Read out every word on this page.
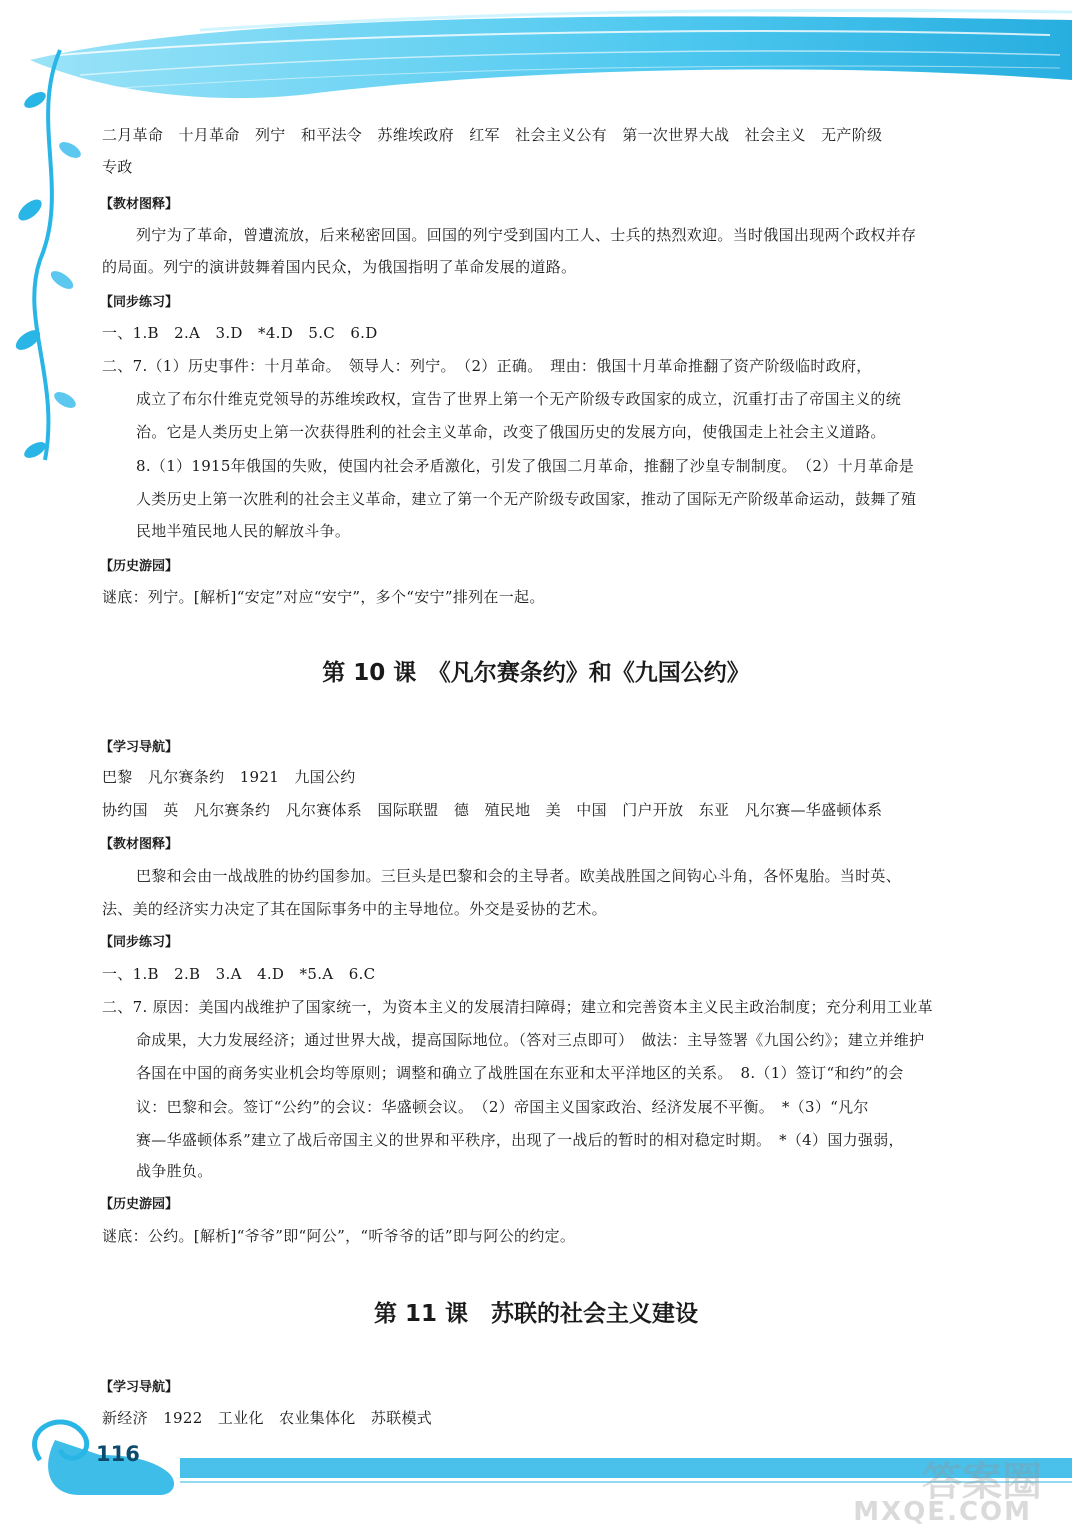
二月革命　十月革命　列宁　和平法令　苏维埃政府　红军　社会主义公有　第一次世界大战　社会主义　无产阶级
专政
【教材图释】
列宁为了革命，曾遭流放，后来秘密回国。回国的列宁受到国内工人、士兵的热烈欢迎。当时俄国出现两个政权并存
的局面。列宁的演讲鼓舞着国内民众，为俄国指明了革命发展的道路。
【同步练习】
一、1.B　2.A　3.D　*4.D　5.C　6.D
二、7.（1）历史事件：十月革命。　领导人：列宁。　（2）正确。　理由：俄国十月革命推翻了资产阶级临时政府，
成立了布尔什维克党领导的苏维埃政权，宣告了世界上第一个无产阶级专政国家的成立，沉重打击了帝国主义的统
治。它是人类历史上第一次获得胜利的社会主义革命，改变了俄国历史的发展方向，使俄国走上社会主义道路。
8.（1）1915年俄国的失败，使国内社会矛盾激化，引发了俄国二月革命，推翻了沙皇专制制度。　（2）十月革命是
人类历史上第一次胜利的社会主义革命，建立了第一个无产阶级专政国家，推动了国际无产阶级革命运动，鼓舞了殖
民地半殖民地人民的解放斗争。
【历史游园】
谜底：列宁。[解析]“安定”对应“安宁”，多个“安宁”排列在一起。
第 10 课　《凡尔赛条约》和《九国公约》
【学习导航】
巴黎　凡尔赛条约　1921　九国公约
协约国　英　凡尔赛条约　凡尔赛体系　国际联盟　德　殖民地　美　中国　门户开放　东亚　凡尔赛—华盛顿体系
【教材图释】
巴黎和会由一战战胜的协约国参加。三巨头是巴黎和会的主导者。欧美战胜国之间钩心斗角，各怀鬼胎。当时英、
法、美的经济实力决定了其在国际事务中的主导地位。外交是妥协的艺术。
【同步练习】
一、1.B　2.B　3.A　4.D　*5.A　6.C
二、7. 原因：美国内战维护了国家统一，为资本主义的发展清扫障碍；建立和完善资本主义民主政治制度；充分利用工业革
命成果，大力发展经济；通过世界大战，提高国际地位。（答对三点即可）　做法：主导签署《九国公约》；建立并维护
各国在中国的商务实业机会均等原则；调整和确立了战胜国在东亚和太平洋地区的关系。　8.（1）签订“和约”的会
议：巴黎和会。签订“公约”的会议：华盛顿会议。　（2）帝国主义国家政治、经济发展不平衡。　*（3）“凡尔
赛—华盛顿体系”建立了战后帝国主义的世界和平秩序，出现了一战后的暂时的相对稳定时期。　*（4）国力强弱，
战争胜负。
【历史游园】
谜底：公约。[解析]“爷爷”即“阿公”，“听爷爷的话”即与阿公的约定。
第 11 课　苏联的社会主义建设
【学习导航】
新经济　1922　工业化　农业集体化　苏联模式
116
答案圈
MXQE.COM
